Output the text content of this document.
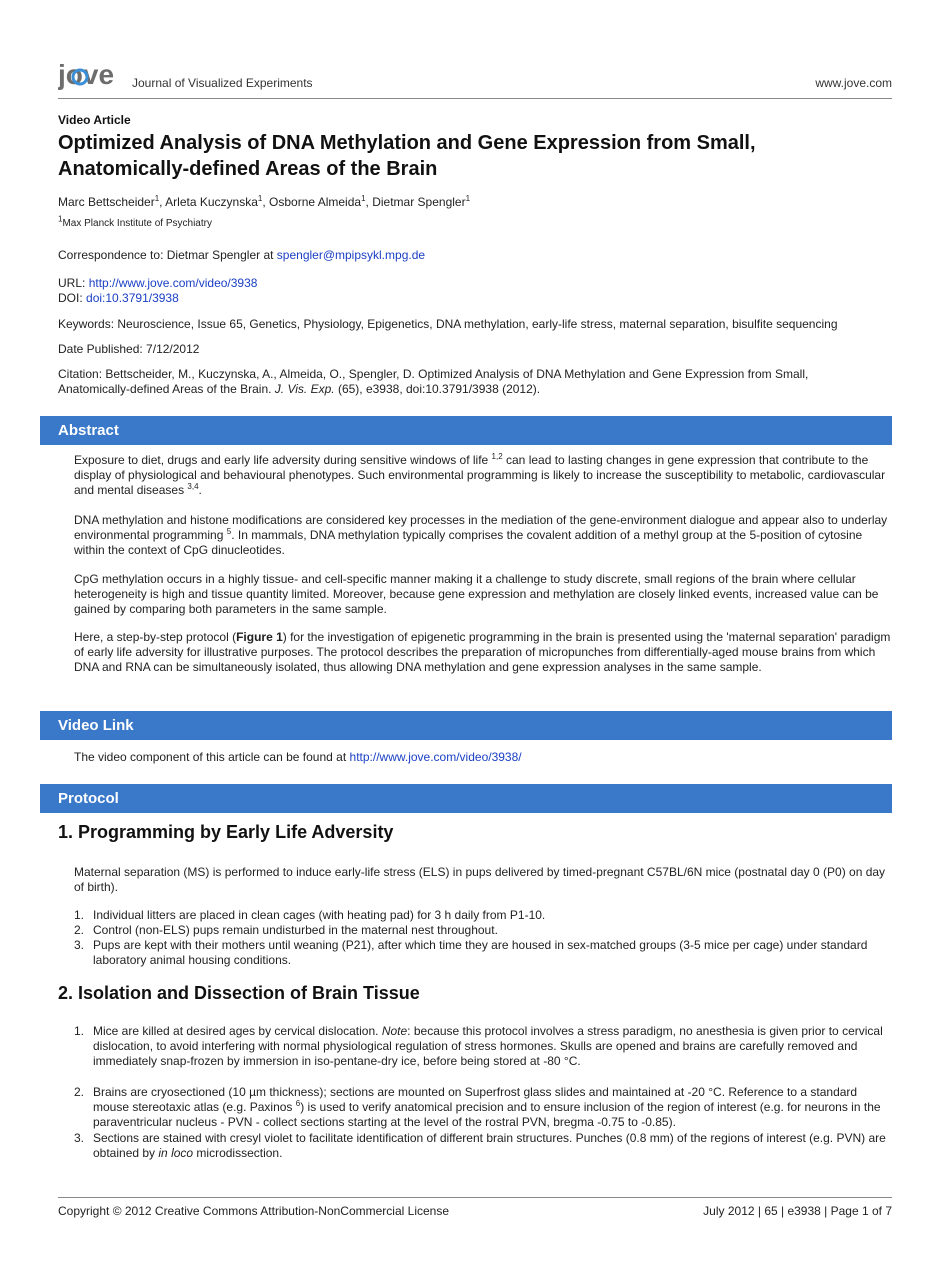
jove Journal of Visualized Experiments	www.jove.com
Video Article
Optimized Analysis of DNA Methylation and Gene Expression from Small,
Anatomically-defined Areas of the Brain
Marc Bettscheider$^1$, Arleta Kuczynska$^1$, Osborne Almeida$^1$, Dietmar Spengler$^1$
$^1$Max Planck Institute of Psychiatry
Correspondence to: Dietmar Spengler at spengler@mpipsykl.mpg.de
URL: http://www.jove.com/video/3938
DOI: doi:10.3791/3938
Keywords: Neuroscience, Issue 65, Genetics, Physiology, Epigenetics, DNA methylation, early-life stress, maternal separation, bisulfite sequencing
Date Published: 7/12/2012
Citation: Bettscheider, M., Kuczynska, A., Almeida, O., Spengler, D. Optimized Analysis of DNA Methylation and Gene Expression from Small,
Anatomically-defined Areas of the Brain. J. Vis. Exp. (65), e3938, doi:10.3791/3938 (2012).
Abstract
Exposure to diet, drugs and early life adversity during sensitive windows of life $^{1,2}$ can lead to lasting changes in gene expression that contribute to the display of physiological and behavioural phenotypes. Such environmental programming is likely to increase the susceptibility to metabolic, cardiovascular and mental diseases $^{3,4}$.
DNA methylation and histone modifications are considered key processes in the mediation of the gene-environment dialogue and appear also to underlay environmental programming $^5$. In mammals, DNA methylation typically comprises the covalent addition of a methyl group at the 5-position of cytosine within the context of CpG dinucleotides.
CpG methylation occurs in a highly tissue- and cell-specific manner making it a challenge to study discrete, small regions of the brain where cellular heterogeneity is high and tissue quantity limited. Moreover, because gene expression and methylation are closely linked events, increased value can be gained by comparing both parameters in the same sample.
Here, a step-by-step protocol (Figure 1) for the investigation of epigenetic programming in the brain is presented using the 'maternal separation' paradigm of early life adversity for illustrative purposes. The protocol describes the preparation of micropunches from differentially-aged mouse brains from which DNA and RNA can be simultaneously isolated, thus allowing DNA methylation and gene expression analyses in the same sample.
Video Link
The video component of this article can be found at http://www.jove.com/video/3938/
Protocol
1. Programming by Early Life Adversity
Maternal separation (MS) is performed to induce early-life stress (ELS) in pups delivered by timed-pregnant C57BL/6N mice (postnatal day 0 (P0) on day of birth).
1. Individual litters are placed in clean cages (with heating pad) for 3 h daily from P1-10.
2. Control (non-ELS) pups remain undisturbed in the maternal nest throughout.
3. Pups are kept with their mothers until weaning (P21), after which time they are housed in sex-matched groups (3-5 mice per cage) under standard laboratory animal housing conditions.
2. Isolation and Dissection of Brain Tissue
1. Mice are killed at desired ages by cervical dislocation. Note: because this protocol involves a stress paradigm, no anesthesia is given prior to cervical dislocation, to avoid interfering with normal physiological regulation of stress hormones. Skulls are opened and brains are carefully removed and immediately snap-frozen by immersion in iso-pentane-dry ice, before being stored at -80 °C.
2. Brains are cryosectioned (10 µm thickness); sections are mounted on Superfrost glass slides and maintained at -20 °C. Reference to a standard mouse stereotaxic atlas (e.g. Paxinos $^6$) is used to verify anatomical precision and to ensure inclusion of the region of interest (e.g. for neurons in the paraventricular nucleus - PVN - collect sections starting at the level of the rostral PVN, bregma -0.75 to -0.85).
3. Sections are stained with cresyl violet to facilitate identification of different brain structures. Punches (0.8 mm) of the regions of interest (e.g. PVN) are obtained by in loco microdissection.
Copyright © 2012 Creative Commons Attribution-NonCommercial License	July 2012 | 65 | e3938 | Page 1 of 7
